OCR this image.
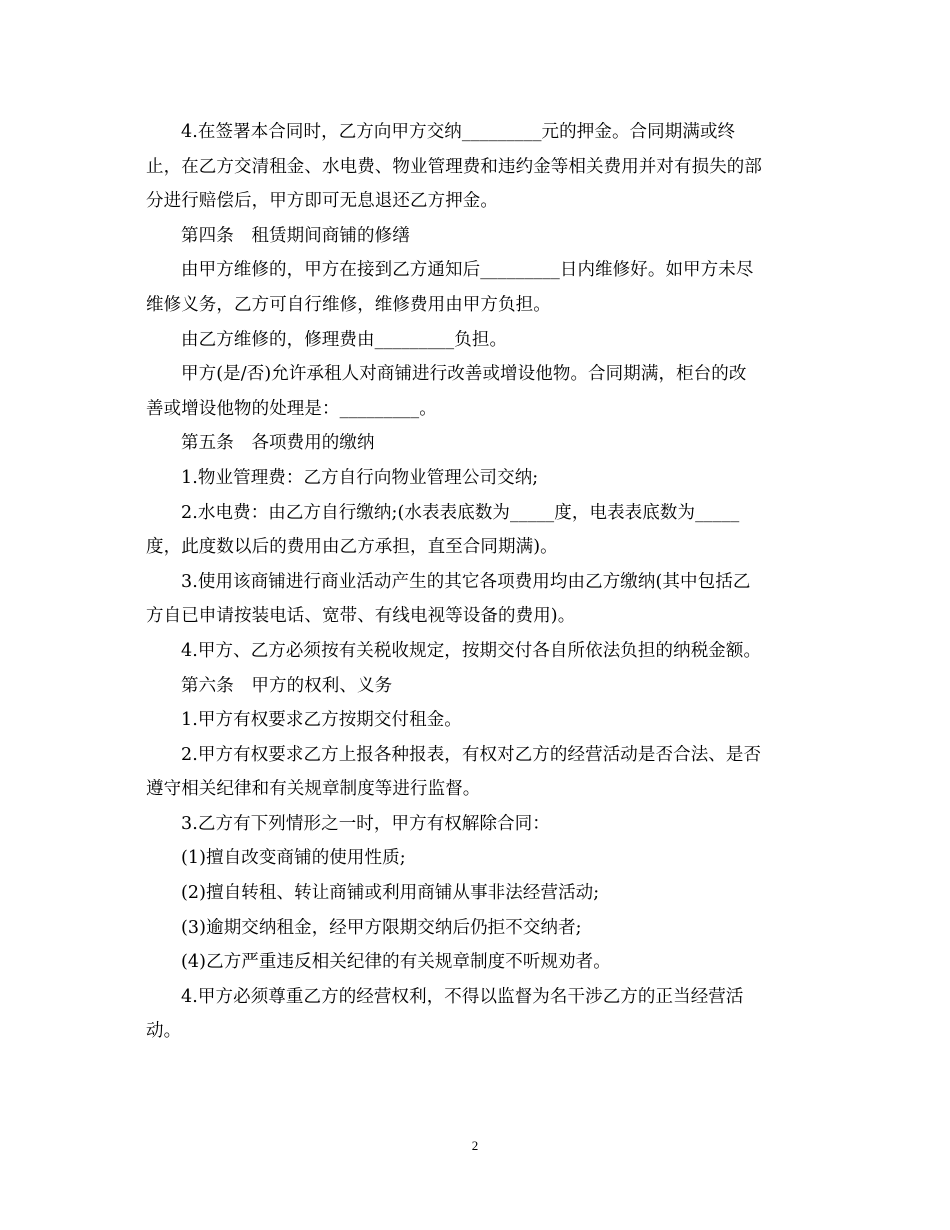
4.在签署本合同时，乙方向甲方交纳_________元的押金。合同期满或终
止，在乙方交清租金、水电费、物业管理费和违约金等相关费用并对有损失的部
分进行赔偿后，甲方即可无息退还乙方押金。
第四条　租赁期间商铺的修缮
由甲方维修的，甲方在接到乙方通知后_________日内维修好。如甲方未尽
维修义务，乙方可自行维修，维修费用由甲方负担。
由乙方维修的，修理费由_________负担。
甲方(是/否)允许承租人对商铺进行改善或增设他物。合同期满，柜台的改
善或增设他物的处理是：_________。
第五条　各项费用的缴纳
1.物业管理费：乙方自行向物业管理公司交纳;
2.水电费：由乙方自行缴纳;(水表表底数为_____度，电表表底数为_____
度，此度数以后的费用由乙方承担，直至合同期满)。
3.使用该商铺进行商业活动产生的其它各项费用均由乙方缴纳(其中包括乙
方自已申请按装电话、宽带、有线电视等设备的费用)。
4.甲方、乙方必须按有关税收规定，按期交付各自所依法负担的纳税金额。
第六条　甲方的权利、义务
1.甲方有权要求乙方按期交付租金。
2.甲方有权要求乙方上报各种报表，有权对乙方的经营活动是否合法、是否
遵守相关纪律和有关规章制度等进行监督。
3.乙方有下列情形之一时，甲方有权解除合同：
(1)擅自改变商铺的使用性质;
(2)擅自转租、转让商铺或利用商铺从事非法经营活动;
(3)逾期交纳租金，经甲方限期交纳后仍拒不交纳者;
(4)乙方严重违反相关纪律的有关规章制度不听规劝者。
4.甲方必须尊重乙方的经营权利，不得以监督为名干涉乙方的正当经营活
动。
2
